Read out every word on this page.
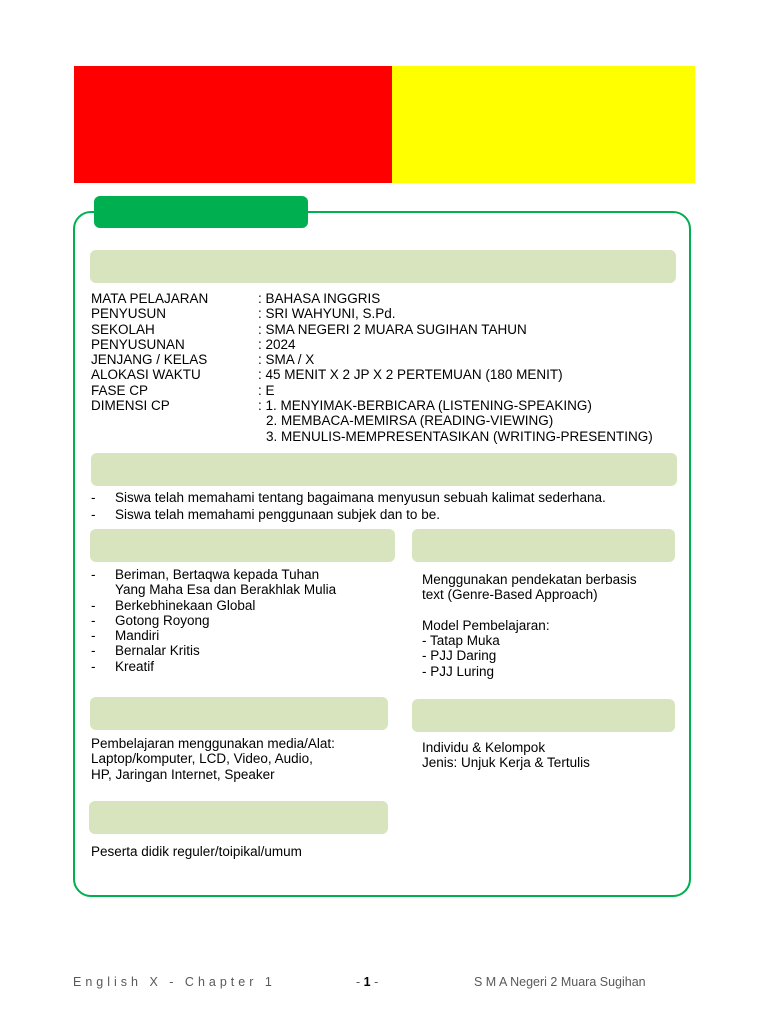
MATA PELAJARAN	: BAHASA INGGRIS
PENYUSUN	: SRI WAHYUNI, S.Pd.
SEKOLAH	: SMA NEGERI 2 MUARA SUGIHAN TAHUN
PENYUSUNAN	: 2024
JENJANG / KELAS	: SMA / X
ALOKASI WAKTU	: 45 MENIT X 2 JP X 2 PERTEMUAN (180 MENIT)
FASE CP	: E
DIMENSI CP	: 1. MENYIMAK-BERBICARA (LISTENING-SPEAKING)
2. MEMBACA-MEMIRSA (READING-VIEWING)
3. MENULIS-MEMPRESENTASIKAN (WRITING-PRESENTING)
- Siswa telah memahami tentang bagaimana menyusun sebuah kalimat sederhana.
- Siswa telah memahami penggunaan subjek dan to be.
- Beriman, Bertaqwa kepada Tuhan
Yang Maha Esa dan Berakhlak Mulia
- Berkebhinekaan Global
- Gotong Royong
- Mandiri
- Bernalar Kritis
- Kreatif
Menggunakan pendekatan berbasis
text (Genre-Based Approach)
Model Pembelajaran:
- Tatap Muka
- PJJ Daring
- PJJ Luring
Pembelajaran menggunakan media/Alat:
Laptop/komputer, LCD, Video, Audio,
HP, Jaringan Internet, Speaker
Individu & Kelompok
Jenis: Unjuk Kerja & Tertulis
Peserta didik reguler/toipikal/umum
English X - Chapter 1	- 1 -	S M A Negeri 2 Muara Sugihan
